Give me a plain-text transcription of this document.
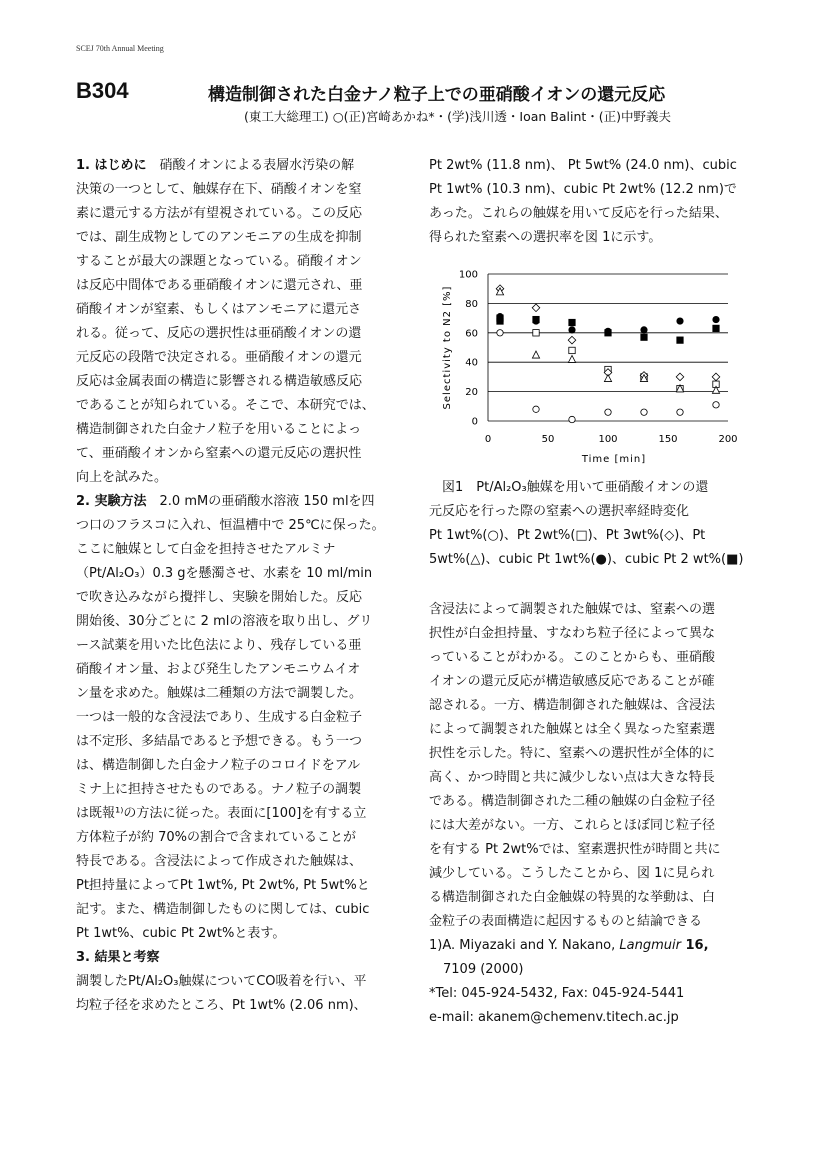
SCEJ 70th Annual Meeting
B304	構造制御された白金ナノ粒子上での亜硝酸イオンの還元反応
(東工大総理工) ○(正)宮崎あかね*・(学)浅川透・Ioan Balint・(正)中野義夫
1. はじめに　硝酸イオンによる表層水汚染の解
決策の一つとして、触媒存在下、硝酸イオンを窒
素に還元する方法が有望視されている。この反応
では、副生成物としてのアンモニアの生成を抑制
することが最大の課題となっている。硝酸イオン
は反応中間体である亜硝酸イオンに還元され、亜
硝酸イオンが窒素、もしくはアンモニアに還元さ
れる。従って、反応の選択性は亜硝酸イオンの還
元反応の段階で決定される。亜硝酸イオンの還元
反応は金属表面の構造に影響される構造敏感反応
であることが知られている。そこで、本研究では、
構造制御された白金ナノ粒子を用いることによっ
て、亜硝酸イオンから窒素への還元反応の選択性
向上を試みた。
2. 実験方法　2.0 mMの亜硝酸水溶液 150 mlを四
つ口のフラスコに入れ、恒温槽中で 25℃に保った。
ここに触媒として白金を担持させたアルミナ
（Pt/Al₂O₃）0.3 gを懸濁させ、水素を 10 ml/min
で吹き込みながら攪拌し、実験を開始した。反応
開始後、30分ごとに 2 mlの溶液を取り出し、グリ
ース試薬を用いた比色法により、残存している亜
硝酸イオン量、および発生したアンモニウムイオ
ン量を求めた。触媒は二種類の方法で調製した。
一つは一般的な含浸法であり、生成する白金粒子
は不定形、多結晶であると予想できる。もう一つ
は、構造制御した白金ナノ粒子のコロイドをアル
ミナ上に担持させたものである。ナノ粒子の調製
は既報¹⁾の方法に従った。表面に[100]を有する立
方体粒子が約 70%の割合で含まれていることが
特長である。含浸法によって作成された触媒は、
Pt担持量によってPt 1wt%, Pt 2wt%, Pt 5wt%と
記す。また、構造制御したものに関しては、cubic
Pt 1wt%、cubic Pt 2wt%と表す。
3. 結果と考察
調製したPt/Al₂O₃触媒についてCO吸着を行い、平
均粒子径を求めたところ、Pt 1wt% (2.06 nm)、
Pt 2wt% (11.8 nm)、 Pt 5wt% (24.0 nm)、cubic
Pt 1wt% (10.3 nm)、cubic Pt 2wt% (12.2 nm)で
あった。これらの触媒を用いて反応を行った結果、
得られた窒素への選択率を図 1に示す。
0
20
40
60
80
100
0	50	100	150	200
Time [min]
Selectivity to N2 [%]
　図1　Pt/Al₂O₃触媒を用いて亜硝酸イオンの還
元反応を行った際の窒素への選択率経時変化
Pt 1wt%(○)、Pt 2wt%(□)、Pt 3wt%(◇)、Pt
5wt%(△)、cubic Pt 1wt%(●)、cubic Pt 2 wt%(■)
含浸法によって調製された触媒では、窒素への選
択性が白金担持量、すなわち粒子径によって異な
っていることがわかる。このことからも、亜硝酸
イオンの還元反応が構造敏感反応であることが確
認される。一方、構造制御された触媒は、含浸法
によって調製された触媒とは全く異なった窒素選
択性を示した。特に、窒素への選択性が全体的に
高く、かつ時間と共に減少しない点は大きな特長
である。構造制御された二種の触媒の白金粒子径
には大差がない。一方、これらとほぼ同じ粒子径
を有する Pt 2wt%では、窒素選択性が時間と共に
減少している。こうしたことから、図 1に見られ
る構造制御された白金触媒の特異的な挙動は、白
金粒子の表面構造に起因するものと結論できる
1)A. Miyazaki and Y. Nakano, Langmuir 16,
7109 (2000)
*Tel: 045-924-5432, Fax: 045-924-5441
e-mail: akanem@chemenv.titech.ac.jp
